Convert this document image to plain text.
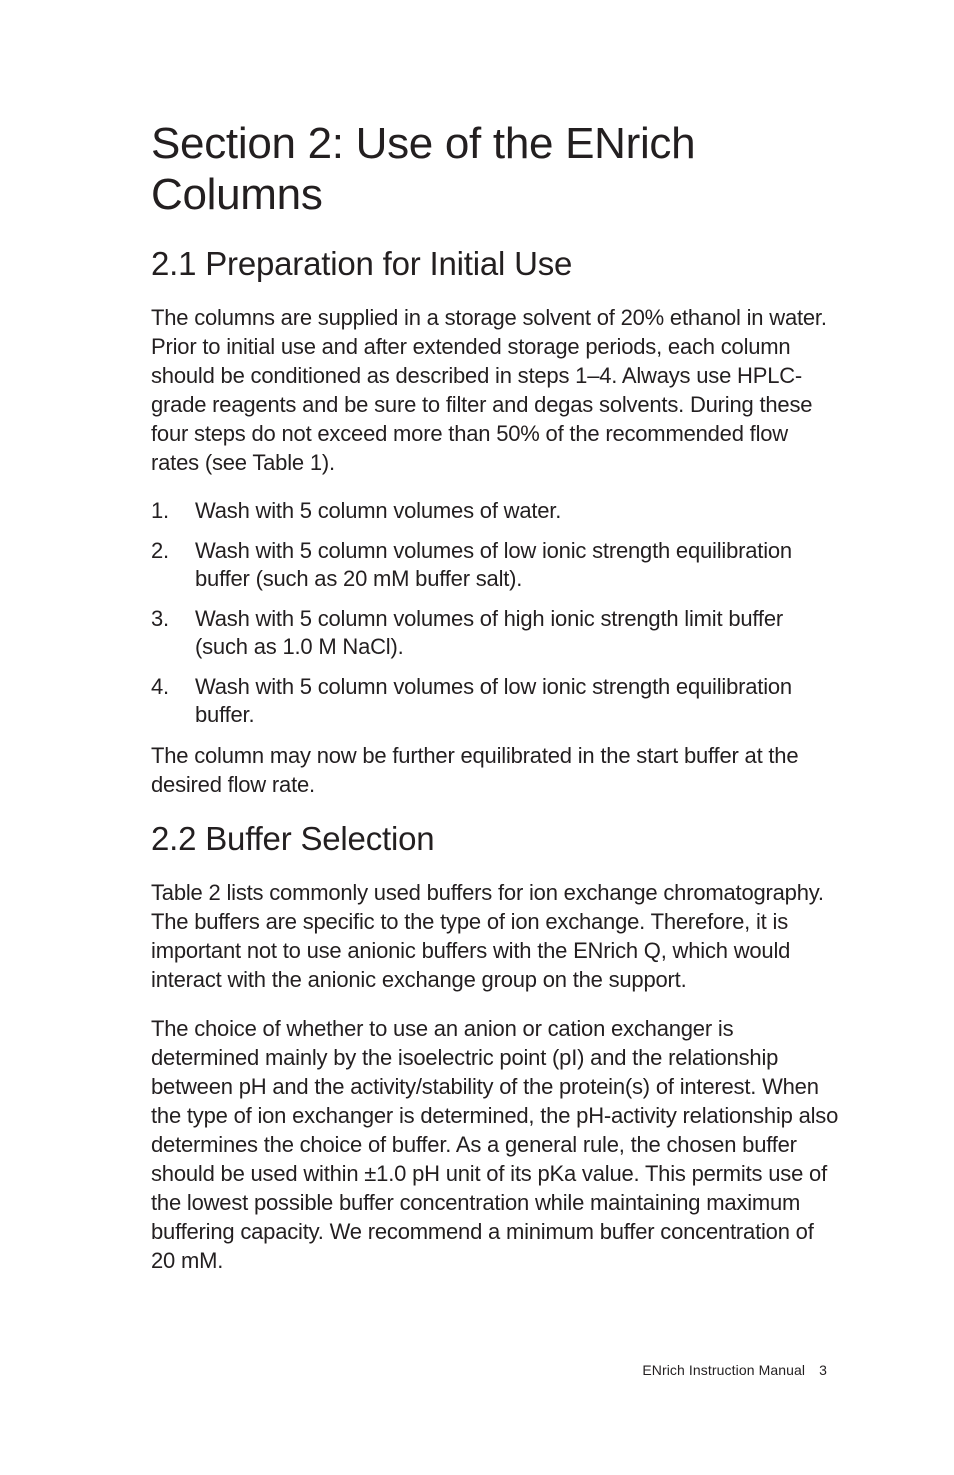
Section 2: Use of the ENrich Columns
2.1 Preparation for Initial Use

The columns are supplied in a storage solvent of 20% ethanol in water. Prior to initial use and after extended storage periods, each column should be conditioned as described in steps 1–4. Always use HPLC-grade reagents and be sure to filter and degas solvents. During these four steps do not exceed more than 50% of the recommended flow rates (see Table 1).

1. Wash with 5 column volumes of water.
2. Wash with 5 column volumes of low ionic strength equilibration buffer (such as 20 mM buffer salt).
3. Wash with 5 column volumes of high ionic strength limit buffer (such as 1.0 M NaCl).
4. Wash with 5 column volumes of low ionic strength equilibration buffer.

The column may now be further equilibrated in the start buffer at the desired flow rate.

2.2 Buffer Selection

Table 2 lists commonly used buffers for ion exchange chromatography. The buffers are specific to the type of ion exchange. Therefore, it is important not to use anionic buffers with the ENrich Q, which would interact with the anionic exchange group on the support.

The choice of whether to use an anion or cation exchanger is determined mainly by the isoelectric point (pI) and the relationship between pH and the activity/stability of the protein(s) of interest. When the type of ion exchanger is determined, the pH-activity relationship also determines the choice of buffer. As a general rule, the chosen buffer should be used within ±1.0 pH unit of its pKa value. This permits use of the lowest possible buffer concentration while maintaining maximum buffering capacity. We recommend a minimum buffer concentration of 20 mM.

ENrich Instruction Manual 3
